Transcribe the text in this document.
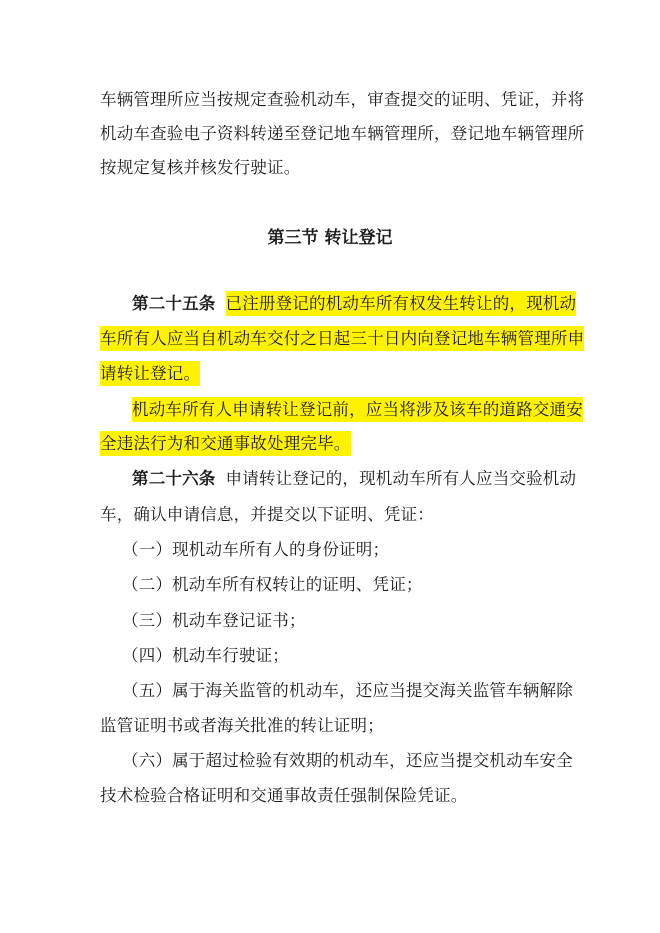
车辆管理所应当按规定查验机动车，审查提交的证明、凭证，并将
机动车查验电子资料转递至登记地车辆管理所，登记地车辆管理所
按规定复核并核发行驶证。
第三节 转让登记
第二十五条 已注册登记的机动车所有权发生转让的，现机动
车所有人应当自机动车交付之日起三十日内向登记地车辆管理所申
请转让登记。
机动车所有人申请转让登记前，应当将涉及该车的道路交通安
全违法行为和交通事故处理完毕。
第二十六条 申请转让登记的，现机动车所有人应当交验机动
车，确认申请信息，并提交以下证明、凭证：
（一）现机动车所有人的身份证明；
（二）机动车所有权转让的证明、凭证；
（三）机动车登记证书；
（四）机动车行驶证；
（五）属于海关监管的机动车，还应当提交海关监管车辆解除
监管证明书或者海关批准的转让证明；
（六）属于超过检验有效期的机动车，还应当提交机动车安全
技术检验合格证明和交通事故责任强制保险凭证。
